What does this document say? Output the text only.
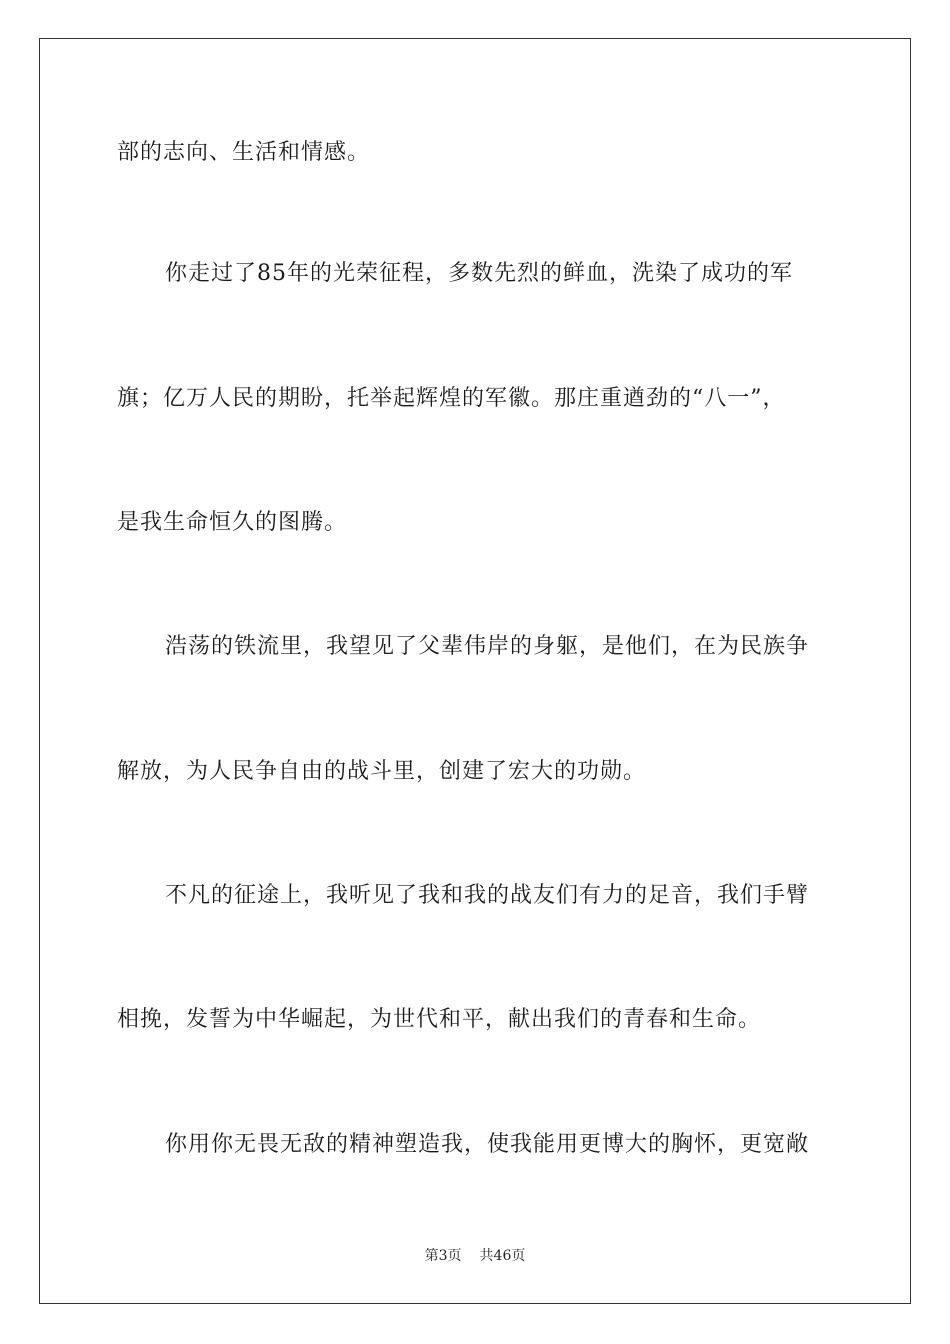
部的志向、生活和情感。
你走过了85年的光荣征程，多数先烈的鲜血，洗染了成功的军
旗；亿万人民的期盼，托举起辉煌的军徽。那庄重遒劲的“八一”，
是我生命恒久的图腾。
浩荡的铁流里，我望见了父辈伟岸的身躯，是他们，在为民族争
解放，为人民争自由的战斗里，创建了宏大的功勋。
不凡的征途上，我听见了我和我的战友们有力的足音，我们手臂
相挽，发誓为中华崛起，为世代和平，献出我们的青春和生命。
你用你无畏无敌的精神塑造我，使我能用更博大的胸怀，更宽敞
第3页 共46页
